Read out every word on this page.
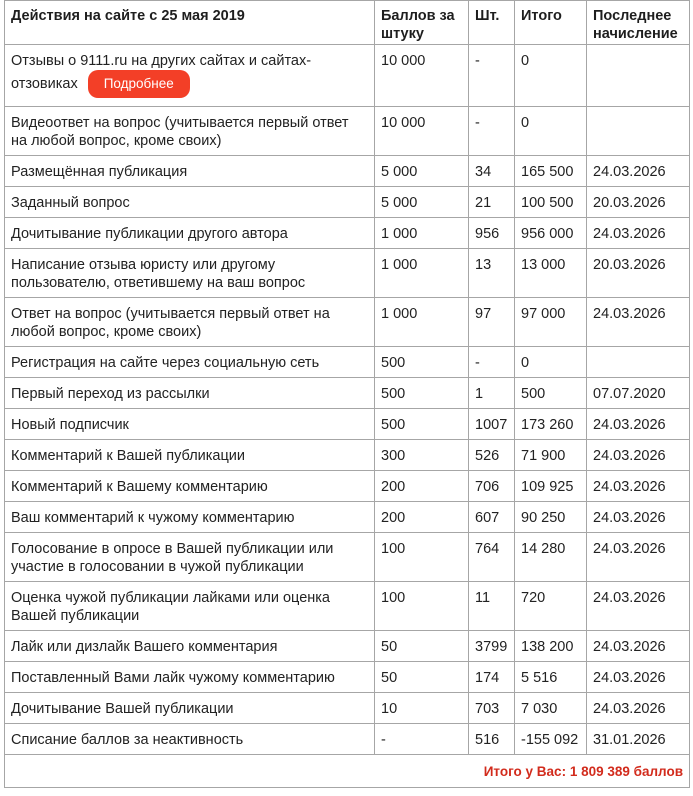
Действия на сайте с 25 мая 2019	Баллов за штуку	Шт.	Итого	Последнее начисление
Отзывы о 9111.ru на других сайтах и сайтах-отзовиках Подробнее	10 000	-	0	
Видеоответ на вопрос (учитывается первый ответ на любой вопрос, кроме своих)	10 000	-	0	
Размещённая публикация	5 000	34	165 500	24.03.2026
Заданный вопрос	5 000	21	100 500	20.03.2026
Дочитывание публикации другого автора	1 000	956	956 000	24.03.2026
Написание отзыва юристу или другому пользователю, ответившему на ваш вопрос	1 000	13	13 000	20.03.2026
Ответ на вопрос (учитывается первый ответ на любой вопрос, кроме своих)	1 000	97	97 000	24.03.2026
Регистрация на сайте через социальную сеть	500	-	0	
Первый переход из рассылки	500	1	500	07.07.2020
Новый подписчик	500	1007	173 260	24.03.2026
Комментарий к Вашей публикации	300	526	71 900	24.03.2026
Комментарий к Вашему комментарию	200	706	109 925	24.03.2026
Ваш комментарий к чужому комментарию	200	607	90 250	24.03.2026
Голосование в опросе в Вашей публикации или участие в голосовании в чужой публикации	100	764	14 280	24.03.2026
Оценка чужой публикации лайками или оценка Вашей публикации	100	11	720	24.03.2026
Лайк или дизлайк Вашего комментария	50	3799	138 200	24.03.2026
Поставленный Вами лайк чужому комментарию	50	174	5 516	24.03.2026
Дочитывание Вашей публикации	10	703	7 030	24.03.2026
Списание баллов за неактивность	-	516	-155 092	31.01.2026
Итого у Вас: 1 809 389 баллов				
